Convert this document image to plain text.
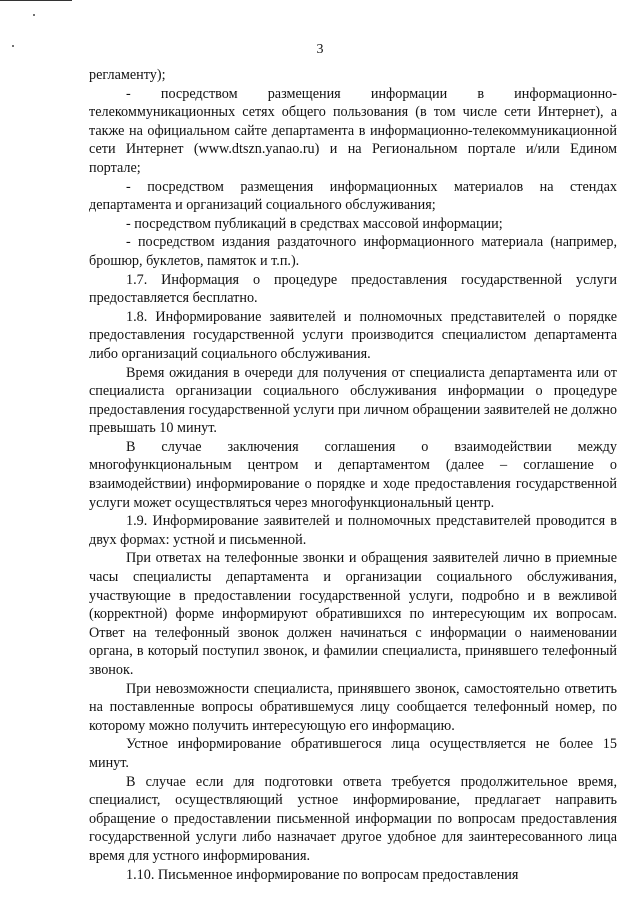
3

регламенту);

- посредством размещения информации в информационно-телекоммуникационных сетях общего пользования (в том числе сети Интернет), а также на официальном сайте департамента в информационно-телекоммуникационной сети Интернет (www.dtszn.yanao.ru) и на Региональном портале и/или Едином портале;

- посредством размещения информационных материалов на стендах департамента и организаций социального обслуживания;

- посредством публикаций в средствах массовой информации;

- посредством издания раздаточного информационного материала (например, брошюр, буклетов, памяток и т.п.).

1.7. Информация о процедуре предоставления государственной услуги предоставляется бесплатно.

1.8. Информирование заявителей и полномочных представителей о порядке предоставления государственной услуги производится специалистом департамента либо организаций социального обслуживания.

Время ожидания в очереди для получения от специалиста департамента или от специалиста организации социального обслуживания информации о процедуре предоставления государственной услуги при личном обращении заявителей не должно превышать 10 минут.

В случае заключения соглашения о взаимодействии между многофункциональным центром и департаментом (далее – соглашение о взаимодействии) информирование о порядке и ходе предоставления государственной услуги может осуществляться через многофункциональный центр.

1.9. Информирование заявителей и полномочных представителей проводится в двух формах: устной и письменной.

При ответах на телефонные звонки и обращения заявителей лично в приемные часы специалисты департамента и организации социального обслуживания, участвующие в предоставлении государственной услуги, подробно и в вежливой (корректной) форме информируют обратившихся по интересующим их вопросам. Ответ на телефонный звонок должен начинаться с информации о наименовании органа, в который поступил звонок, и фамилии специалиста, принявшего телефонный звонок.

При невозможности специалиста, принявшего звонок, самостоятельно ответить на поставленные вопросы обратившемуся лицу сообщается телефонный номер, по которому можно получить интересующую его информацию.

Устное информирование обратившегося лица осуществляется не более 15 минут.

В случае если для подготовки ответа требуется продолжительное время, специалист, осуществляющий устное информирование, предлагает направить обращение о предоставлении письменной информации по вопросам предоставления государственной услуги либо назначает другое удобное для заинтересованного лица время для устного информирования.

1.10. Письменное информирование по вопросам предоставления
